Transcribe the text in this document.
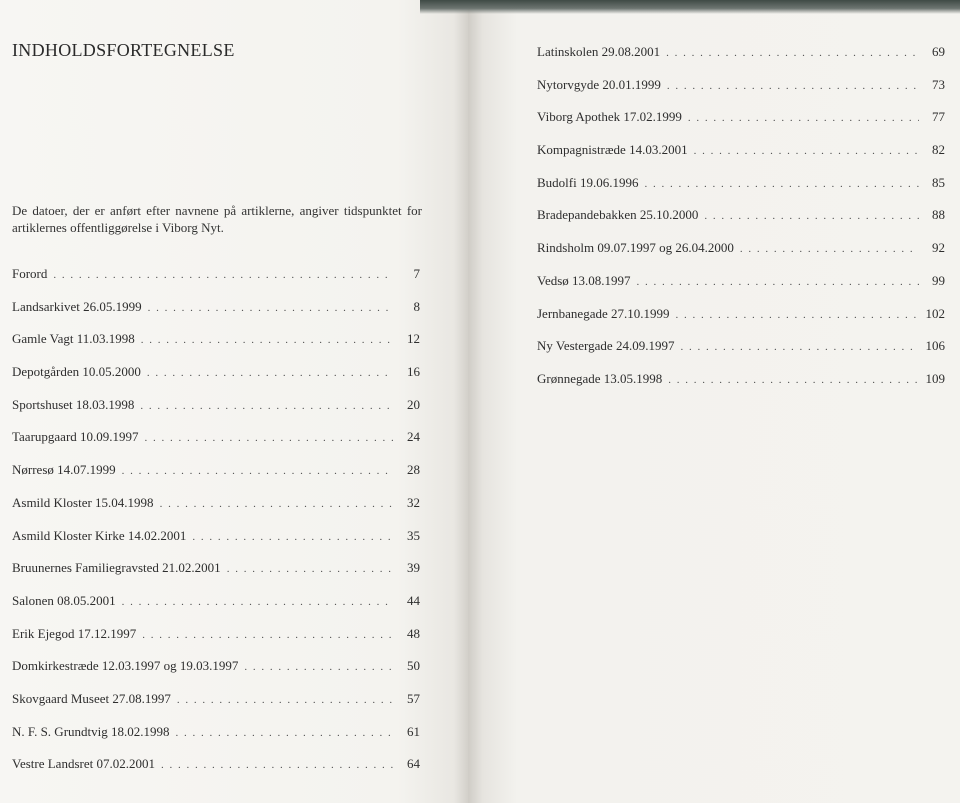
INDHOLDSFORTEGNELSE
De datoer, der er anført efter navnene på artiklerne, angiver tidspunktet for artiklernes offentliggørelse i Viborg Nyt.
Forord . . .	7
Landsarkivet 26.05.1999 . . .	8
Gamle Vagt 11.03.1998 . . .	12
Depotgården 10.05.2000 . . .	16
Sportshuset 18.03.1998 . . .	20
Taarupgaard 10.09.1997 . . .	24
Nørresø 14.07.1999 . . .	28
Asmild Kloster 15.04.1998 . . .	32
Asmild Kloster Kirke 14.02.2001 . . .	35
Bruunernes Familiegravsted 21.02.2001 . . .	39
Salonen 08.05.2001 . . .	44
Erik Ejegod 17.12.1997 . . .	48
Domkirkestræde 12.03.1997 og 19.03.1997 . . .	50
Skovgaard Museet 27.08.1997 . . .	57
N. F. S. Grundtvig 18.02.1998 . . .	61
Vestre Landsret 07.02.2001 . . .	64
Latinskolen 29.08.2001 . . .	69
Nytorvgyde 20.01.1999 . . .	73
Viborg Apothek 17.02.1999 . . .	77
Kompagnistræde 14.03.2001 . . .	82
Budolfi 19.06.1996 . . .	85
Bradepandebakken 25.10.2000 . . .	88
Rindsholm 09.07.1997 og 26.04.2000 . . .	92
Vedsø 13.08.1997 . . .	99
Jernbanegade 27.10.1999 . . .	102
Ny Vestergade 24.09.1997 . . .	106
Grønnegade 13.05.1998 . . .	109
